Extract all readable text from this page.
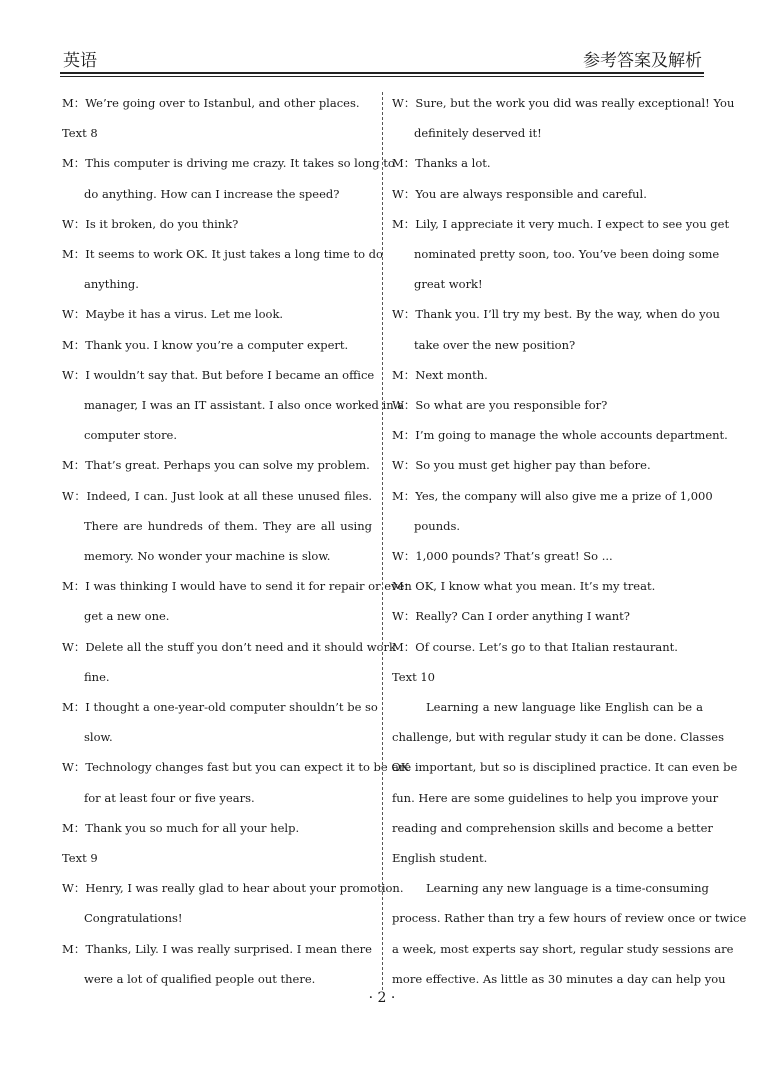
英语	参考答案及解析
M：We’re going over to Istanbul, and other places.
Text 8
M：This computer is driving me crazy. It takes so long to
do anything. How can I increase the speed?
W：Is it broken, do you think?
M：It seems to work OK. It just takes a long time to do
anything.
W：Maybe it has a virus. Let me look.
M：Thank you. I know you’re a computer expert.
W：I wouldn’t say that. But before I became an office
manager, I was an IT assistant. I also once worked in a
computer store.
M：That’s great. Perhaps you can solve my problem.
W：Indeed, I can. Just look at all these unused files.
There are hundreds of them. They are all using
memory. No wonder your machine is slow.
M：I was thinking I would have to send it for repair or even
get a new one.
W：Delete all the stuff you don’t need and it should work
fine.
M：I thought a one-year-old computer shouldn’t be so
slow.
W：Technology changes fast but you can expect it to be OK
for at least four or five years.
M：Thank you so much for all your help.
Text 9
W：Henry, I was really glad to hear about your promotion.
Congratulations!
M：Thanks, Lily. I was really surprised. I mean there
were a lot of qualified people out there.
W：Sure, but the work you did was really exceptional! You
definitely deserved it!
M：Thanks a lot.
W：You are always responsible and careful.
M：Lily, I appreciate it very much. I expect to see you get
nominated pretty soon, too. You’ve been doing some
great work!
W：Thank you. I’ll try my best. By the way, when do you
take over the new position?
M：Next month.
W：So what are you responsible for?
M：I’m going to manage the whole accounts department.
W：So you must get higher pay than before.
M：Yes, the company will also give me a prize of 1,000
pounds.
W：1,000 pounds? That’s great! So ...
M：OK, I know what you mean. It’s my treat.
W：Really? Can I order anything I want?
M：Of course. Let’s go to that Italian restaurant.
Text 10
Learning a new language like English can be a
challenge, but with regular study it can be done. Classes
are important, but so is disciplined practice. It can even be
fun. Here are some guidelines to help you improve your
reading and comprehension skills and become a better
English student.
Learning any new language is a time-consuming
process. Rather than try a few hours of review once or twice
a week, most experts say short, regular study sessions are
more effective. As little as 30 minutes a day can help you
· 2 ·
